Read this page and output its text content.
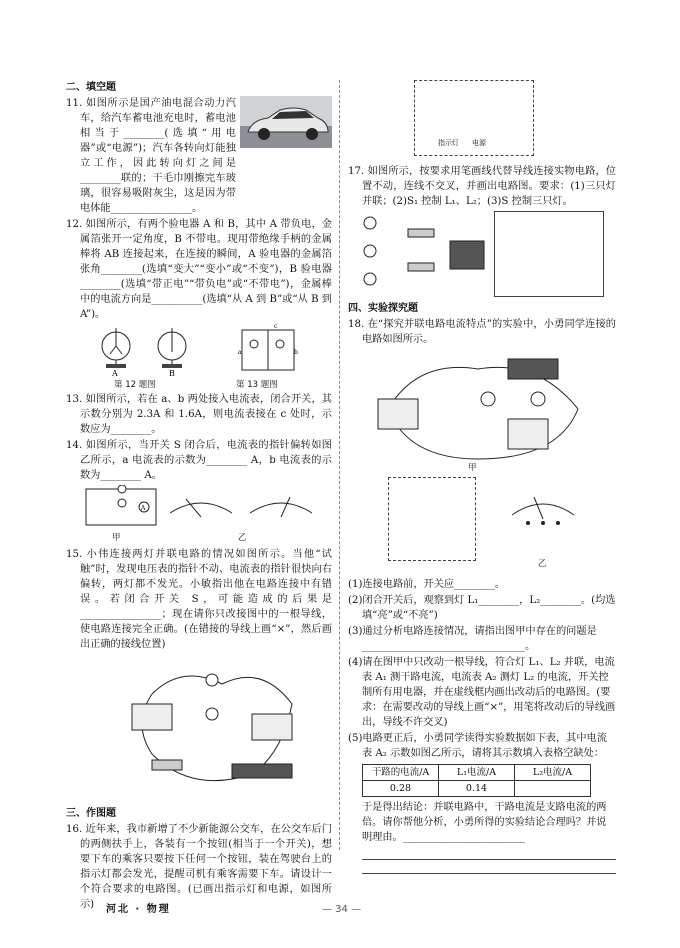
二、填空题

11. 如图所示是国产油电混合动力汽车，给汽车蓄电池充电时，蓄电池相当于________(选填“用电器”或“电源”)；汽车各转向灯能独立工作，因此转向灯之间是________联的；干毛巾刚擦完车玻璃，很容易吸附灰尘，这是因为带电体能________________。

12. 如图所示，有两个验电器 A 和 B，其中 A 带负电，金属箔张开一定角度，B 不带电。现用带绝缘手柄的金属棒将 AB 连接起来，在连接的瞬间，A 验电器的金属箔张角________(选填“变大”“变小”或“不变”)，B 验电器________(选填“带正电”“带负电”或“不带电”)，金属棒中的电流方向是__________(选填“从 A 到 B”或“从 B 到 A”)。

A	B
c
a	b
第 12 题图	第 13 题图

13. 如图所示，若在 a、b 两处接入电流表，闭合开关，其示数分别为 2.3A 和 1.6A，则电流表接在 c 处时，示数应为________。

14. 如图所示，当开关 S 闭合后，电流表的指针偏转如图乙所示，a 电流表的示数为________ A，b 电流表的示数为________ A。

A
甲	乙

15. 小伟连接两灯并联电路的情况如图所示。当他“试触”时，发现电压表的指针不动、电流表的指针很快向右偏转，两灯都不发光。小敏指出他在电路连接中有错误。若闭合开关 S，可能造成的后果是________________；现在请你只改接图中的一根导线，使电路连接完全正确。(在错接的导线上画“×”，然后画出正确的接线位置)

三、作图题

16. 近年来，我市新增了不少新能源公交车，在公交车后门的两侧扶手上，各装有一个按钮(相当于一个开关)，想要下车的乘客只要按下任何一个按钮，装在驾驶台上的指示灯都会发光，提醒司机有乘客需要下车。请设计一个符合要求的电路图。(已画出指示灯和电源，如图所示)

指示灯 电源

17. 如图所示，按要求用笔画线代替导线连接实物电路，位置不动，连线不交叉，并画出电路图。要求：(1)三只灯并联；(2)S₁ 控制 L₁、L₂；(3)S 控制三只灯。

四、实验探究题

18. 在“探究并联电路电流特点”的实验中，小勇同学连接的电路如图所示。

甲
乙

(1)连接电路前，开关应________。

(2)闭合开关后，观察到灯 L₁________，L₂________。(均选填“亮”或“不亮”)

(3)通过分析电路连接情况，请指出图甲中存在的问题是________________________________。

(4)请在图甲中只改动一根导线，符合灯 L₁、L₂ 并联，电流表 A₁ 测干路电流，电流表 A₂ 测灯 L₂ 的电流，开关控制所有用电器，并在虚线框内画出改动后的电路图。(要求：在需要改动的导线上画“×”，用笔将改动后的导线画出，导线不许交叉)

(5)电路更正后，小勇同学读得实验数据如下表，其中电流表 A₂ 示数如图乙所示，请将其示数填入表格空缺处：

干路的电流/A	L₁电流/A	L₂电流/A
0.28	0.14	

于是得出结论：并联电路中，干路电流是支路电流的两倍。请你帮他分析，小勇所得的实验结论合理吗？并说明理由。________________________

河北 · 物理	— 34 —
